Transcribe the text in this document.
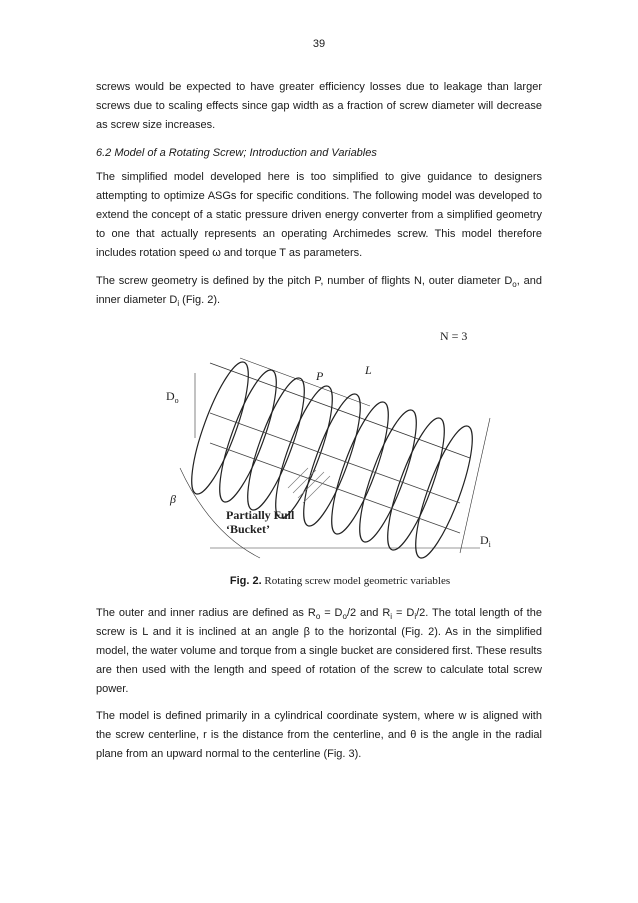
39

screws would be expected to have greater efficiency losses due to leakage than larger screws due to scaling effects since gap width as a fraction of screw diameter will decrease as screw size increases.

6.2 Model of a Rotating Screw; Introduction and Variables

The simplified model developed here is too simplified to give guidance to designers attempting to optimize ASGs for specific conditions. The following model was developed to extend the concept of a static pressure driven energy converter from a simplified geometry to one that actually represents an operating Archimedes screw. This model therefore includes rotation speed ω and torque T as parameters.

The screw geometry is defined by the pitch P, number of flights N, outer diameter $D_o$, and inner diameter $D_i$ (Fig. 2).

N = 3
L
P
$D_o$
β
Partially Full
‘Bucket’
$D_i$
Fig. 2. Rotating screw model geometric variables

The outer and inner radius are defined as $R_o = D_o/2$ and $R_i = D_i/2$. The total length of the screw is L and it is inclined at an angle β to the horizontal (Fig. 2). As in the simplified model, the water volume and torque from a single bucket are considered first. These results are then used with the length and speed of rotation of the screw to calculate total screw power.

The model is defined primarily in a cylindrical coordinate system, where w is aligned with the screw centerline, r is the distance from the centerline, and θ is the angle in the radial plane from an upward normal to the centerline (Fig. 3).
